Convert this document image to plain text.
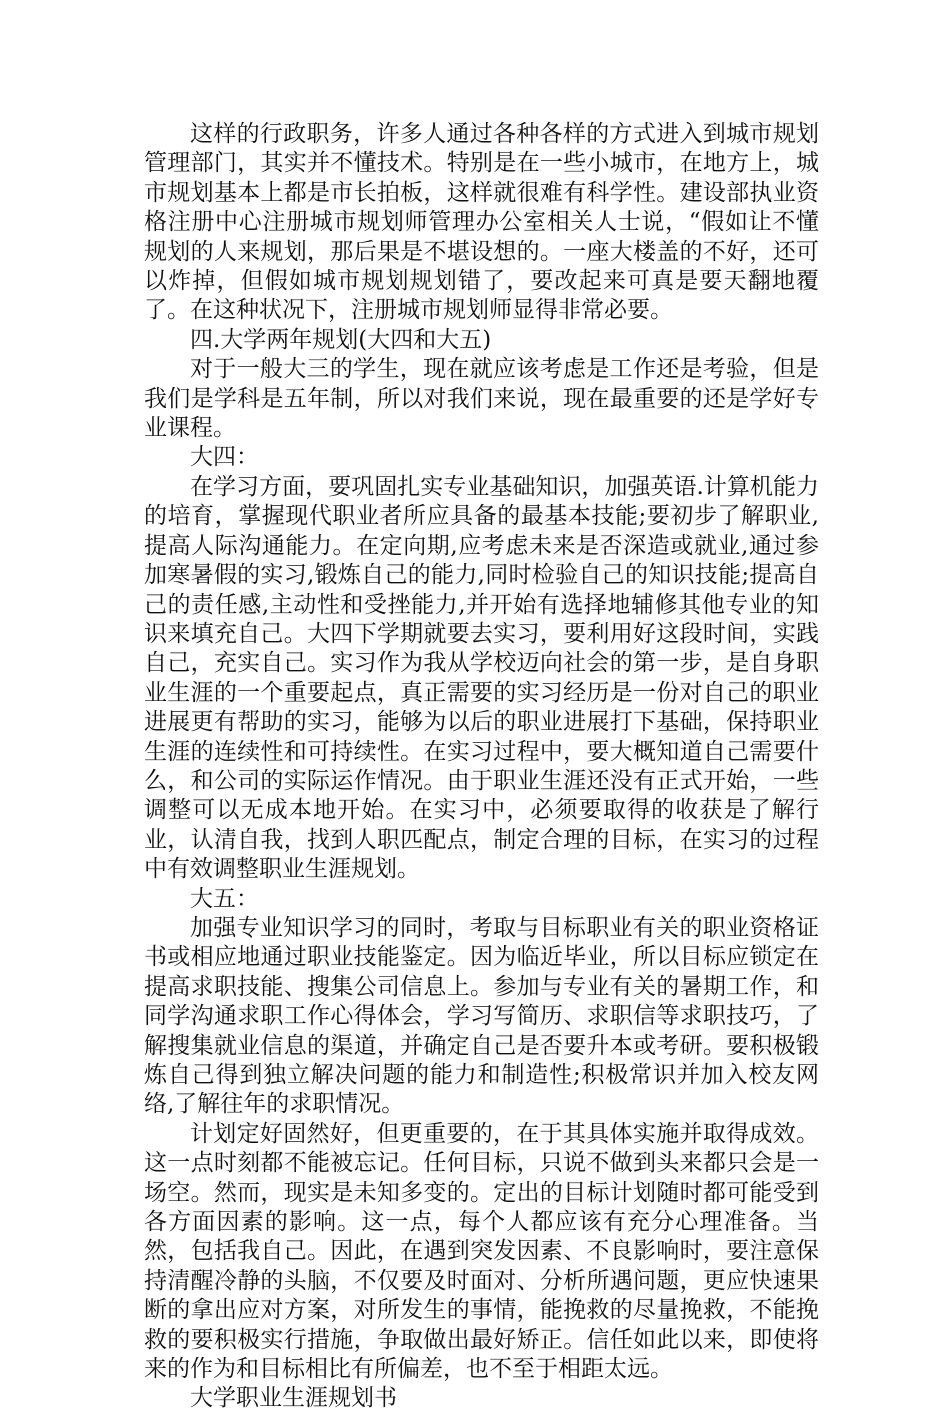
这样的行政职务，许多人通过各种各样的方式进入到城市规划管理部门，其实并不懂技术。特别是在一些小城市，在地方上，城市规划基本上都是市长拍板，这样就很难有科学性。建设部执业资格注册中心注册城市规划师管理办公室相关人士说，“假如让不懂规划的人来规划，那后果是不堪设想的。一座大楼盖的不好，还可以炸掉，但假如城市规划规划错了，要改起来可真是要天翻地覆了。在这种状况下，注册城市规划师显得非常必要。

四.大学两年规划(大四和大五)

对于一般大三的学生，现在就应该考虑是工作还是考验，但是我们是学科是五年制，所以对我们来说，现在最重要的还是学好专业课程。

大四：

在学习方面，要巩固扎实专业基础知识，加强英语.计算机能力的培育，掌握现代职业者所应具备的最基本技能;要初步了解职业,提高人际沟通能力。在定向期,应考虑未来是否深造或就业,通过参加寒暑假的实习,锻炼自己的能力,同时检验自己的知识技能;提高自己的责任感,主动性和受挫能力,并开始有选择地辅修其他专业的知识来填充自己。大四下学期就要去实习，要利用好这段时间，实践自己，充实自己。实习作为我从学校迈向社会的第一步，是自身职业生涯的一个重要起点，真正需要的实习经历是一份对自己的职业进展更有帮助的实习，能够为以后的职业进展打下基础，保持职业生涯的连续性和可持续性。在实习过程中，要大概知道自己需要什么，和公司的实际运作情况。由于职业生涯还没有正式开始，一些调整可以无成本地开始。在实习中，必须要取得的收获是了解行业，认清自我，找到人职匹配点，制定合理的目标，在实习的过程中有效调整职业生涯规划。

大五：

加强专业知识学习的同时，考取与目标职业有关的职业资格证书或相应地通过职业技能鉴定。因为临近毕业，所以目标应锁定在提高求职技能、搜集公司信息上。参加与专业有关的暑期工作，和同学沟通求职工作心得体会，学习写简历、求职信等求职技巧，了解搜集就业信息的渠道，并确定自己是否要升本或考研。要积极锻炼自己得到独立解决问题的能力和制造性;积极常识并加入校友网络,了解往年的求职情况。

计划定好固然好，但更重要的，在于其具体实施并取得成效。这一点时刻都不能被忘记。任何目标，只说不做到头来都只会是一场空。然而，现实是未知多变的。定出的目标计划随时都可能受到各方面因素的影响。这一点，每个人都应该有充分心理准备。当然，包括我自己。因此，在遇到突发因素、不良影响时，要注意保持清醒冷静的头脑，不仅要及时面对、分析所遇问题，更应快速果断的拿出应对方案，对所发生的事情，能挽救的尽量挽救，不能挽救的要积极实行措施，争取做出最好矫正。信任如此以来，即使将来的作为和目标相比有所偏差，也不至于相距太远。

大学职业生涯规划书
